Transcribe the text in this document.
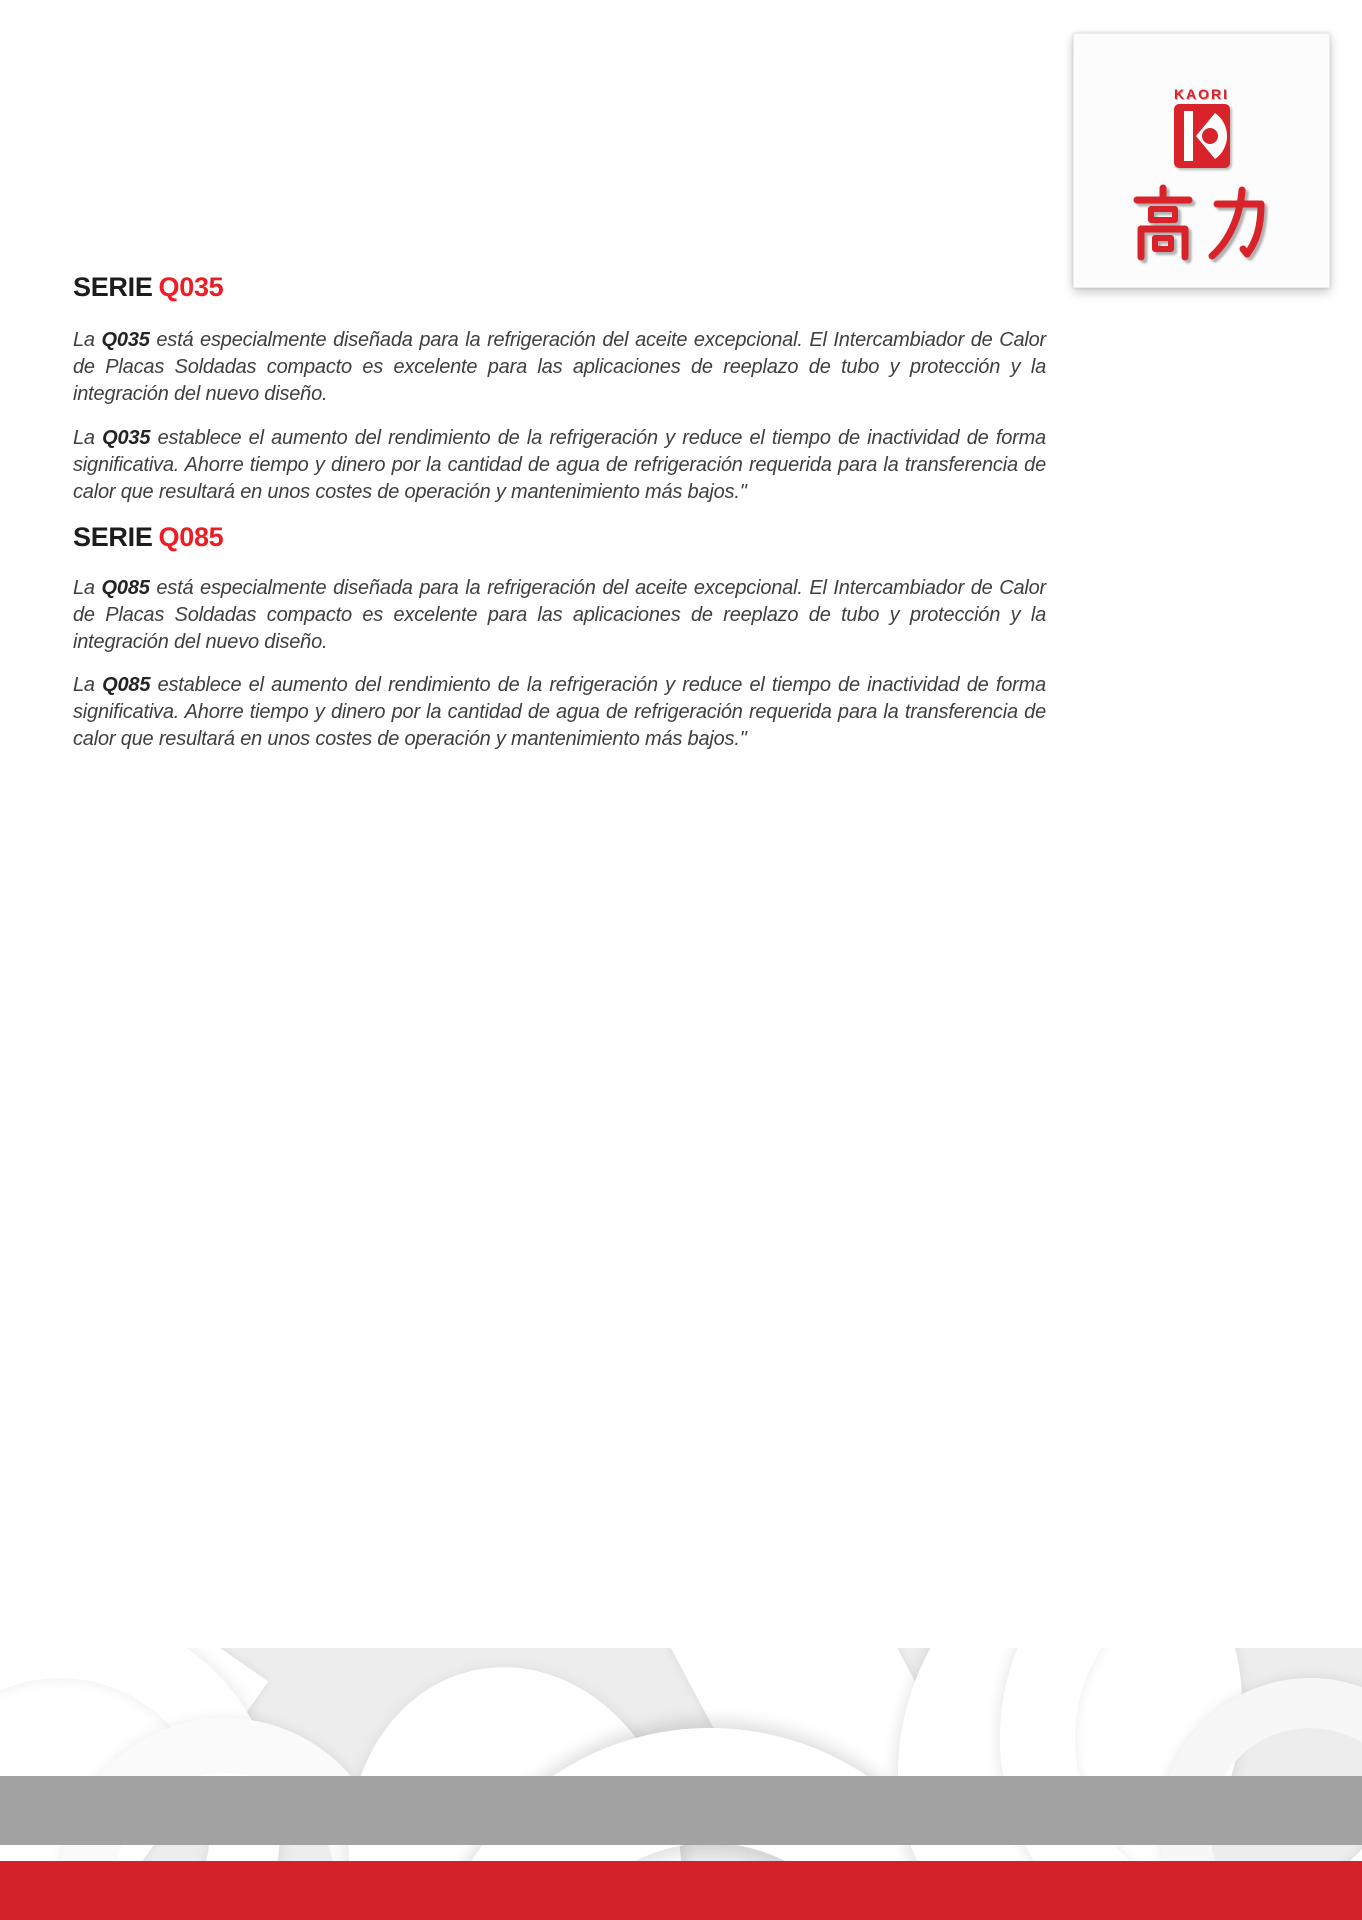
KAORI
SERIE Q035

La Q035 está especialmente diseñada para la refrigeración del aceite excepcional. El Intercambiador de Calor de Placas Soldadas compacto es excelente para las aplicaciones de reeplazo de tubo y protección y la integración del nuevo diseño.

La Q035 establece el aumento del rendimiento de la refrigeración y reduce el tiempo de inactividad de forma significativa. Ahorre tiempo y dinero por la cantidad de agua de refrigeración requerida para la transferencia de calor que resultará en unos costes de operación y mantenimiento más bajos."

SERIE Q085

La Q085 está especialmente diseñada para la refrigeración del aceite excepcional. El Intercambiador de Calor de Placas Soldadas compacto es excelente para las aplicaciones de reeplazo de tubo y protección y la integración del nuevo diseño.

La Q085 establece el aumento del rendimiento de la refrigeración y reduce el tiempo de inactividad de forma significativa. Ahorre tiempo y dinero por la cantidad de agua de refrigeración requerida para la transferencia de calor que resultará en unos costes de operación y mantenimiento más bajos."
